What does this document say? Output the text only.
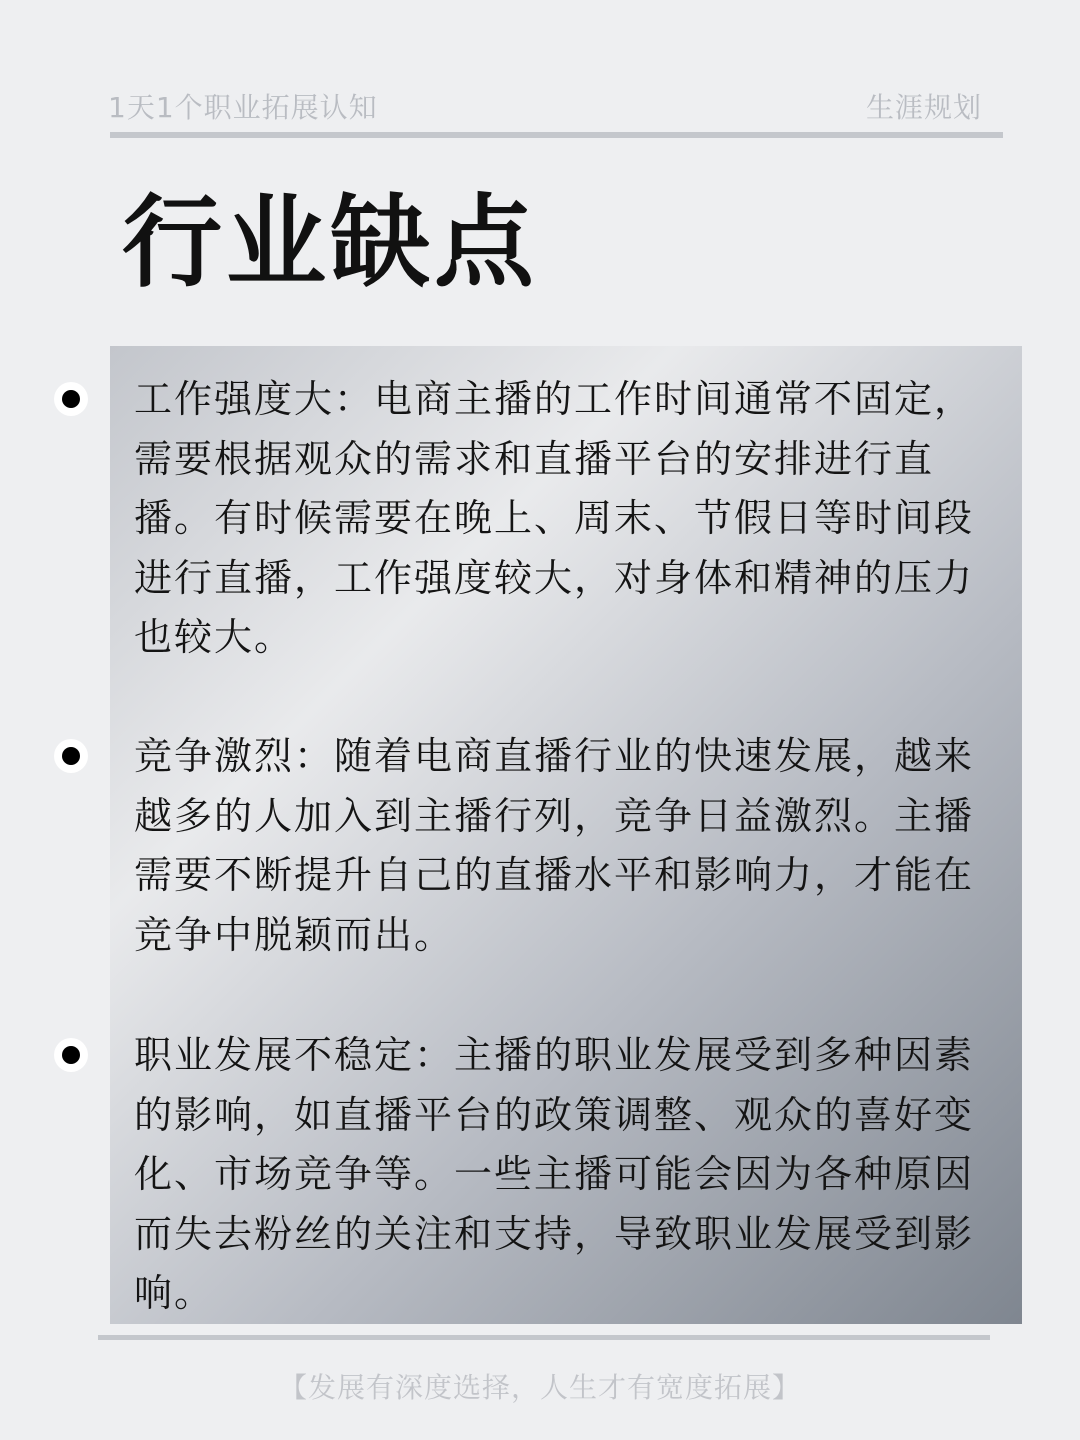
1天1个职业拓展认知	生涯规划
行业缺点
工作强度大：电商主播的工作时间通常不固定，需要根据观众的需求和直播平台的安排进行直播。有时候需要在晚上、周末、节假日等时间段进行直播，工作强度较大，对身体和精神的压力也较大。
竞争激烈：随着电商直播行业的快速发展，越来越多的人加入到主播行列，竞争日益激烈。主播需要不断提升自己的直播水平和影响力，才能在竞争中脱颖而出。
职业发展不稳定：主播的职业发展受到多种因素的影响，如直播平台的政策调整、观众的喜好变化、市场竞争等。一些主播可能会因为各种原因而失去粉丝的关注和支持，导致职业发展受到影响。
【发展有深度选择，人生才有宽度拓展】
